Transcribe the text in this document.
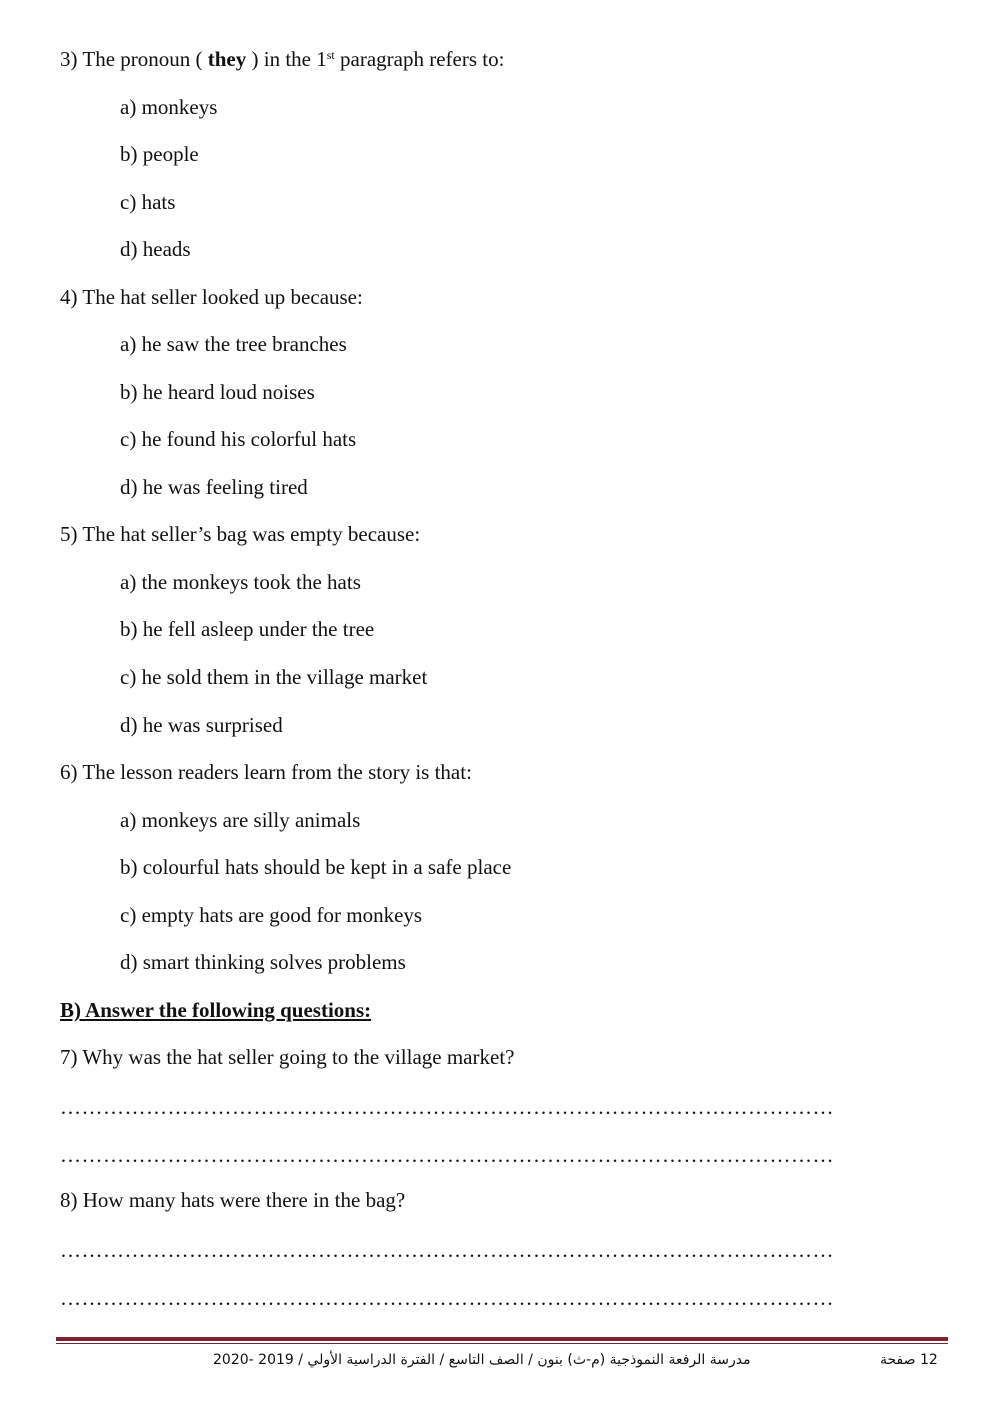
3) The pronoun ( they ) in the 1st paragraph refers to:
a) monkeys
b) people
c) hats
d) heads
4) The hat seller looked up because:
a) he saw the tree branches
b) he heard loud noises
c) he found his colorful hats
d) he was feeling tired
5) The hat seller’s bag was empty because:
a) the monkeys took the hats
b) he fell asleep under the tree
c) he sold them in the village market
d) he was surprised
6) The lesson readers learn from the story is that:
a) monkeys are silly animals
b) colourful hats should be kept in a safe place
c) empty hats are good for monkeys
d) smart thinking solves problems
B) Answer the following questions:
7) Why was the hat seller going to the village market?
………………………………………………………………………………………………
………………………………………………………………………………………………
8) How many hats were there in the bag?
………………………………………………………………………………………………
………………………………………………………………………………………………
مدرسة الرفعة النموذجية (م-ث) بنون / الصف التاسع / الفترة الدراسية الأولي / 2019 -2020	12 صفحة
